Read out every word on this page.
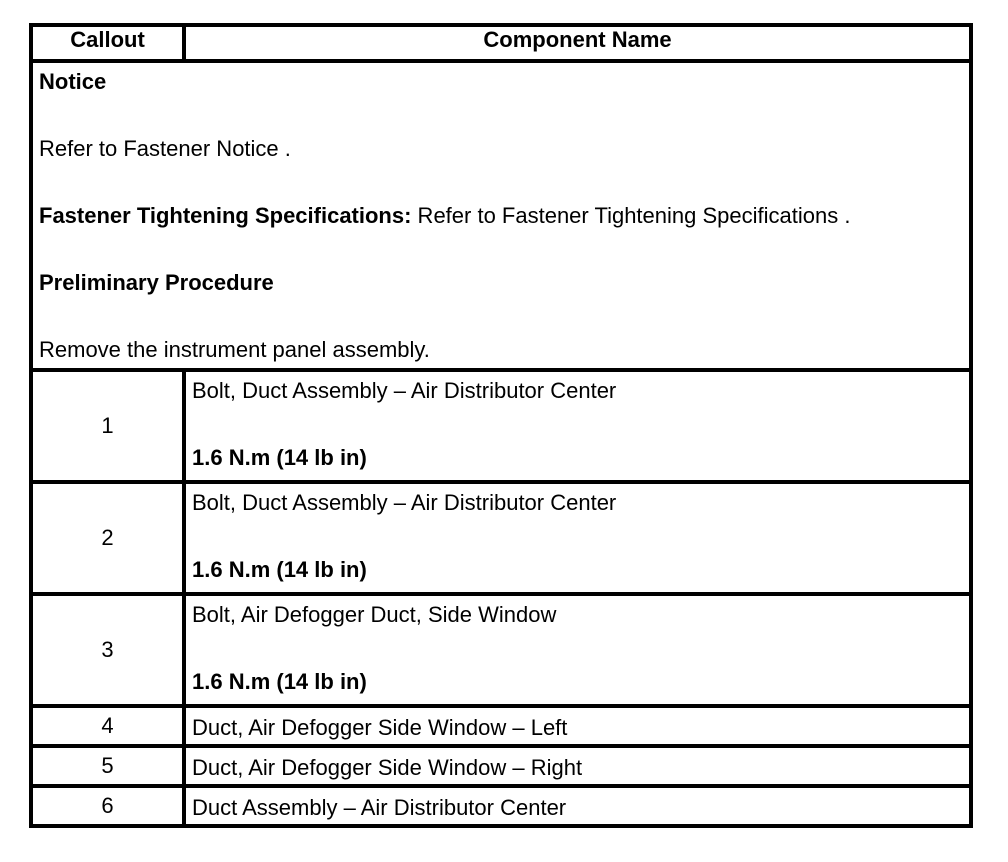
Callout	Component Name

Notice

Refer to Fastener Notice .

Fastener Tightening Specifications: Refer to Fastener Tightening Specifications .

Preliminary Procedure

Remove the instrument panel assembly.	

1	Bolt, Duct Assembly – Air Distributor Center
1.6 N.m (14 lb in)

2	Bolt, Duct Assembly – Air Distributor Center
1.6 N.m (14 lb in)

3	Bolt, Air Defogger Duct, Side Window
1.6 N.m (14 lb in)

4	Duct, Air Defogger Side Window – Left
5	Duct, Air Defogger Side Window – Right
6	Duct Assembly – Air Distributor Center
